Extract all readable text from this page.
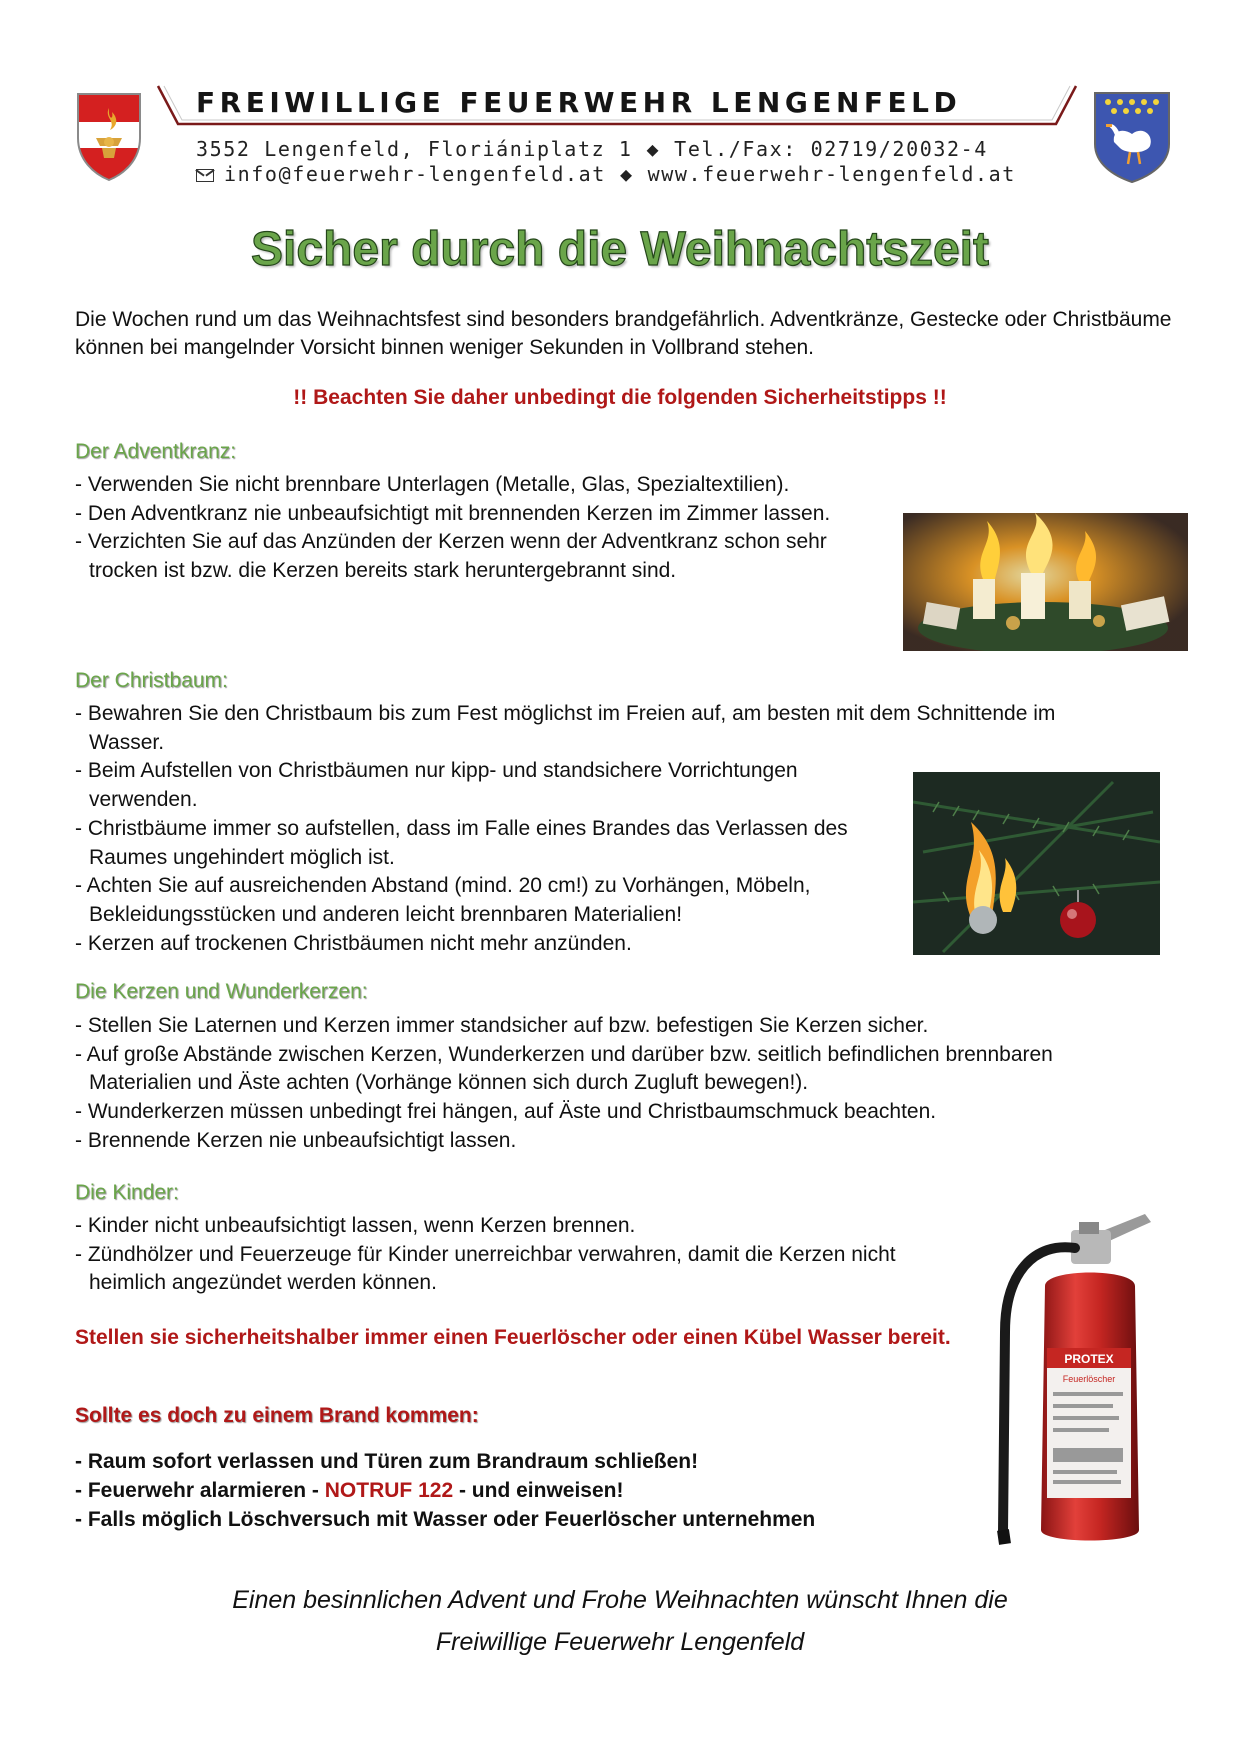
FREIWILLIGE FEUERWEHR LENGENFELD
3552 Lengenfeld, Floriániplatz 1 ◆ Tel./Fax: 02719/20032-4
info@feuerwehr-lengenfeld.at ◆ www.feuerwehr-lengenfeld.at
Sicher durch die Weihnachtszeit
Die Wochen rund um das Weihnachtsfest sind besonders brandgefährlich. Adventkränze, Gestecke oder Christbäume können bei mangelnder Vorsicht binnen weniger Sekunden in Vollbrand stehen.
!! Beachten Sie daher unbedingt die folgenden Sicherheitstipps !!
Der Adventkranz:
- Verwenden Sie nicht brennbare Unterlagen (Metalle, Glas, Spezialtextilien).
- Den Adventkranz nie unbeaufsichtigt mit brennenden Kerzen im Zimmer lassen.
- Verzichten Sie auf das Anzünden der Kerzen wenn der Adventkranz schon sehr trocken ist bzw. die Kerzen bereits stark heruntergebrannt sind.
Der Christbaum:
- Bewahren Sie den Christbaum bis zum Fest möglichst im Freien auf, am besten mit dem Schnittende im Wasser.
- Beim Aufstellen von Christbäumen nur kipp- und standsichere Vorrichtungen verwenden.
- Christbäume immer so aufstellen, dass im Falle eines Brandes das Verlassen des Raumes ungehindert möglich ist.
- Achten Sie auf ausreichenden Abstand (mind. 20 cm!) zu Vorhängen, Möbeln, Bekleidungsstücken und anderen leicht brennbaren Materialien!
- Kerzen auf trockenen Christbäumen nicht mehr anzünden.
Die Kerzen und Wunderkerzen:
- Stellen Sie Laternen und Kerzen immer standsicher auf bzw. befestigen Sie Kerzen sicher.
- Auf große Abstände zwischen Kerzen, Wunderkerzen und darüber bzw. seitlich befindlichen brennbaren Materialien und Äste achten (Vorhänge können sich durch Zugluft bewegen!).
- Wunderkerzen müssen unbedingt frei hängen, auf Äste und Christbaumschmuck beachten.
- Brennende Kerzen nie unbeaufsichtigt lassen.
Die Kinder:
- Kinder nicht unbeaufsichtigt lassen, wenn Kerzen brennen.
- Zündhölzer und Feuerzeuge für Kinder unerreichbar verwahren, damit die Kerzen nicht heimlich angezündet werden können.
Stellen sie sicherheitshalber immer einen Feuerlöscher oder einen Kübel Wasser bereit.
Sollte es doch zu einem Brand kommen:
- Raum sofort verlassen und Türen zum Brandraum schließen!
- Feuerwehr alarmieren - NOTRUF 122 - und einweisen!
- Falls möglich Löschversuch mit Wasser oder Feuerlöscher unternehmen
PROTEX
Feuerlöscher
Einen besinnlichen Advent und Frohe Weihnachten wünscht Ihnen die
Freiwillige Feuerwehr Lengenfeld
